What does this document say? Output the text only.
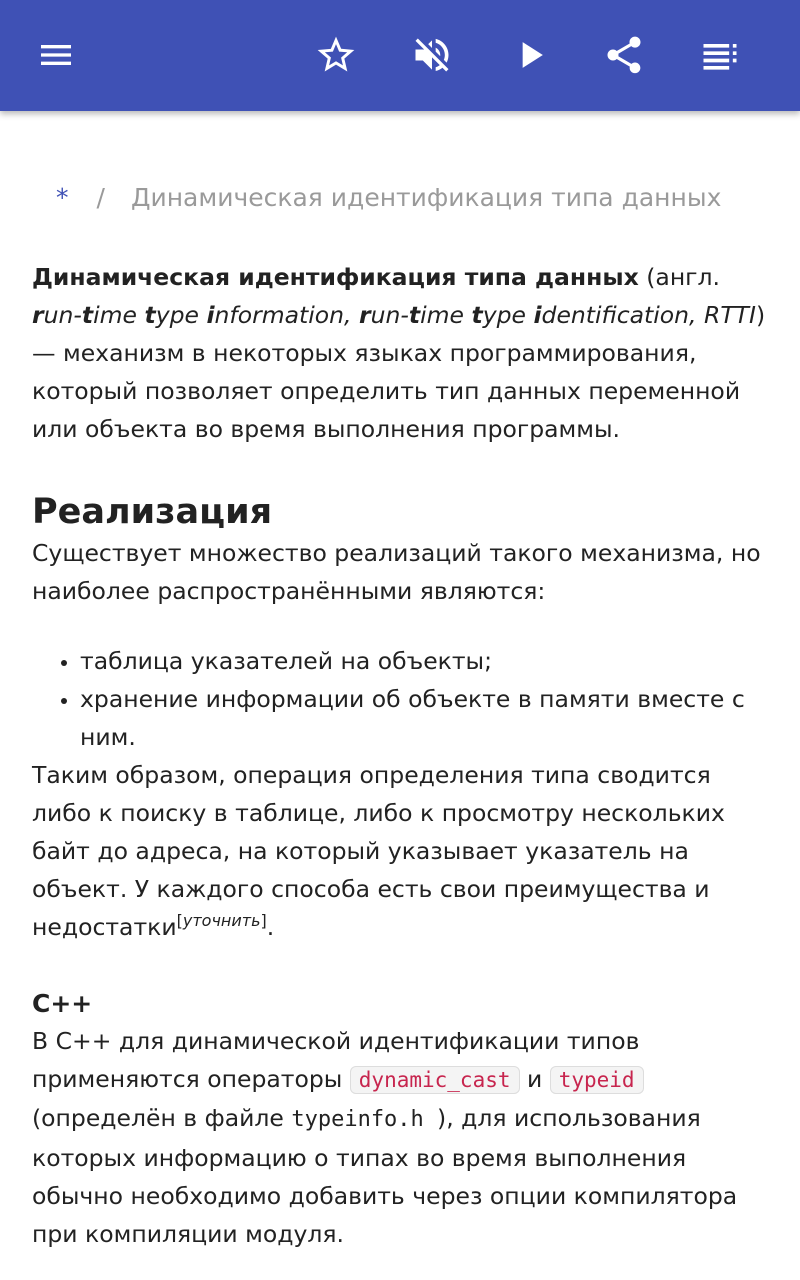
* / Динамическая идентификация типа данных

Динамическая идентификация типа данных (англ. run-time type information, run-time type identification, RTTI) — механизм в некоторых языках программирования, который позволяет определить тип данных переменной или объекта во время выполнения программы.

Реализация

Существует множество реализаций такого механизма, но наиболее распространёнными являются:

• таблица указателей на объекты;
• хранение информации об объекте в памяти вместе с ним.

Таким образом, операция определения типа сводится либо к поиску в таблице, либо к просмотру нескольких байт до адреса, на который указывает указатель на объект. У каждого способа есть свои преимущества и недостатки[уточнить].

C++

В C++ для динамической идентификации типов применяются операторы dynamic_cast и typeid (определён в файле typeinfo.h ), для использования которых информацию о типах во время выполнения обычно необходимо добавить через опции компилятора при компиляции модуля.
